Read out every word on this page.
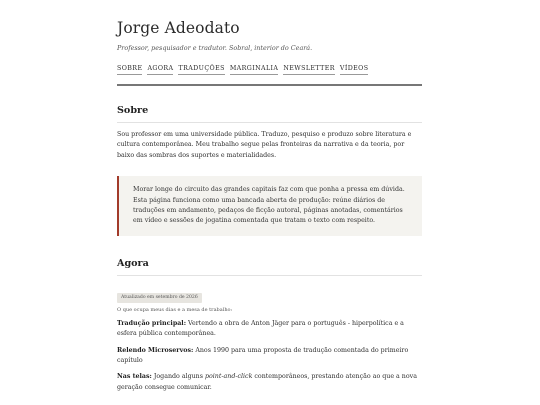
Jorge Adeodato
Professor, pesquisador e tradutor. Sobral, interior do Ceará.
SOBRE AGORA TRADUÇÕES MARGINALIA NEWSLETTER VÍDEOS
Sobre

Sou professor em uma universidade pública. Traduzo, pesquiso e produzo sobre literatura e cultura contemporânea. Meu trabalho segue pelas fronteiras da narrativa e da teoria, por baixo das sombras dos suportes e materialidades.

Morar longe do circuito das grandes capitais faz com que ponha a pressa em dúvida. Esta página funciona como uma bancada aberta de produção: reúne diários de traduções em andamento, pedaços de ficção autoral, páginas anotadas, comentários em vídeo e sessões de jogatina comentada que tratam o texto com respeito.

Agora
Atualizado em setembro de 2026

O que ocupa meus dias e a mesa de trabalho:

Tradução principal: Vertendo a obra de Anton Jäger para o português - hiperpolítica e a esfera pública contemporânea.

Relendo Microservos: Anos 1990 para uma proposta de tradução comentada do primeiro capítulo

Nas telas: Jogando alguns point-and-click contemporâneos, prestando atenção ao que a nova geração consegue comunicar.
